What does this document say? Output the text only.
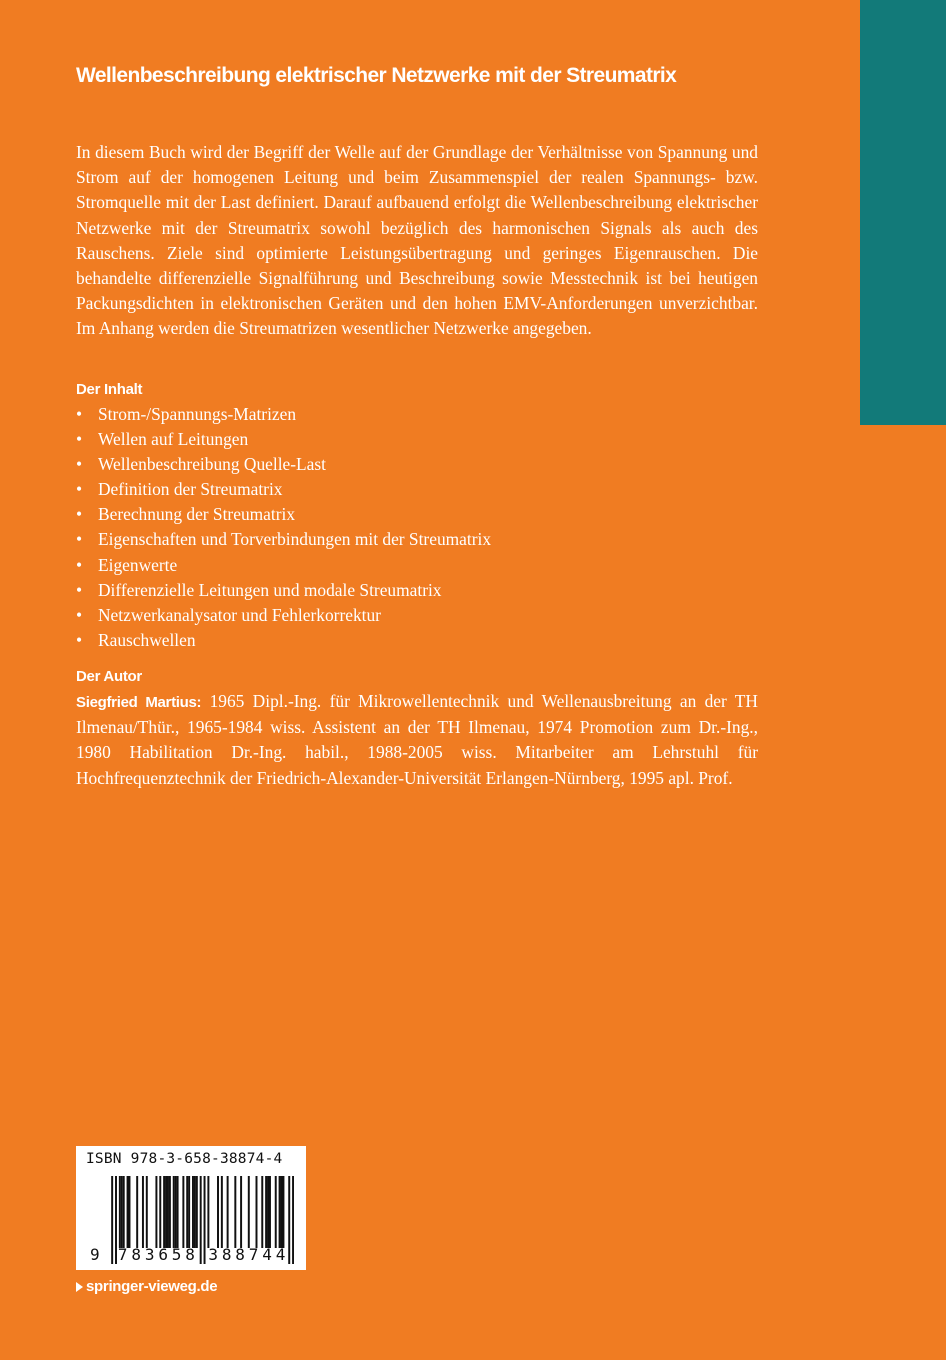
Wellenbeschreibung elektrischer Netzwerke mit der Streumatrix

In diesem Buch wird der Begriff der Welle auf der Grundlage der Verhältnisse von Spannung und Strom auf der homogenen Leitung und beim Zusammenspiel der realen Spannungs- bzw. Stromquelle mit der Last definiert. Darauf aufbauend erfolgt die Wellenbeschreibung elektrischer Netzwerke mit der Streumatrix sowohl bezüglich des harmonischen Signals als auch des Rauschens. Ziele sind optimierte Leistungsübertragung und geringes Eigenrauschen. Die behandelte differenzielle Signalführung und Beschreibung sowie Messtechnik ist bei heutigen Packungsdichten in elektronischen Geräten und den hohen EMV-Anforderungen unverzichtbar. Im Anhang werden die Streumatrizen wesentlicher Netzwerke angegeben.

Der Inhalt
• Strom-/Spannungs-Matrizen
• Wellen auf Leitungen
• Wellenbeschreibung Quelle-Last
• Definition der Streumatrix
• Berechnung der Streumatrix
• Eigenschaften und Torverbindungen mit der Streumatrix
• Eigenwerte
• Differenzielle Leitungen und modale Streumatrix
• Netzwerkanalysator und Fehlerkorrektur
• Rauschwellen
Der Autor

Siegfried Martius: 1965 Dipl.-Ing. für Mikrowellentechnik und Wellenausbreitung an der TH Ilmenau/Thür., 1965-1984 wiss. Assistent an der TH Ilmenau, 1974 Promotion zum Dr.-Ing., 1980 Habilitation Dr.-Ing. habil., 1988-2005 wiss. Mitarbeiter am Lehrstuhl für Hochfrequenztechnik der Friedrich-Alexander-Universität Erlangen-Nürnberg, 1995 apl. Prof.

ISBN 978-3-658-38874-4
9 7 8 3 6 5 8 3 8 8 7 4 4
springer-vieweg.de
